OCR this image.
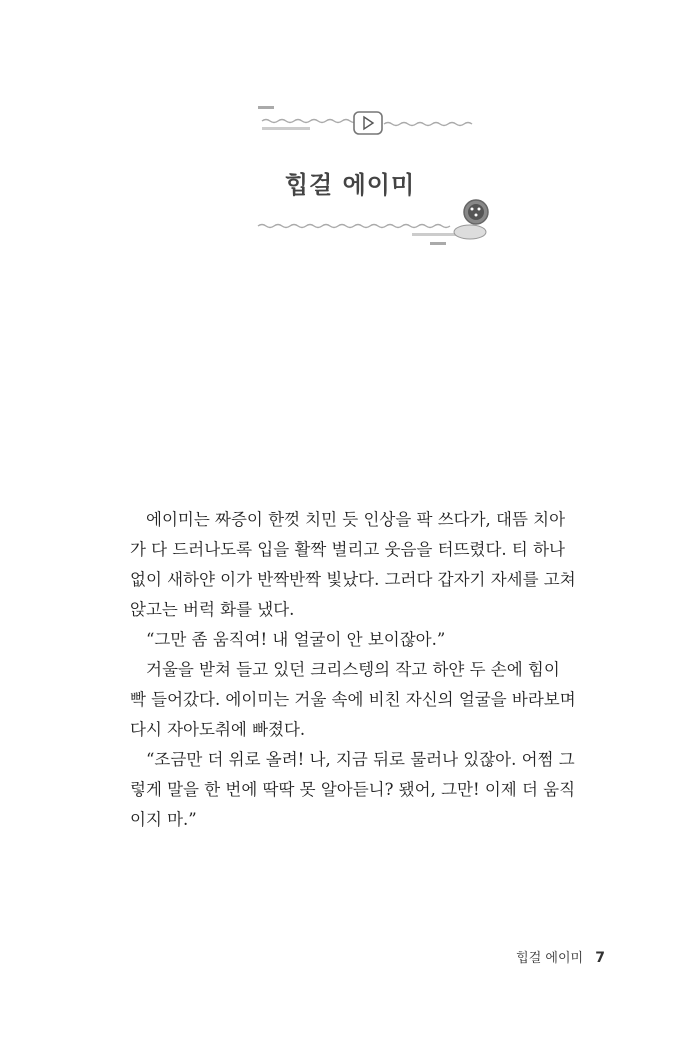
힙걸 에이미

에이미는 짜증이 한껏 치민 듯 인상을 팍 쓰다가, 대뜸 치아
가 다 드러나도록 입을 활짝 벌리고 웃음을 터뜨렸다. 티 하나
없이 새하얀 이가 반짝반짝 빛났다. 그러다 갑자기 자세를 고쳐
앉고는 버럭 화를 냈다.

“그만 좀 움직여! 내 얼굴이 안 보이잖아.”

거울을 받쳐 들고 있던 크리스텡의 작고 하얀 두 손에 힘이
빡 들어갔다. 에이미는 거울 속에 비친 자신의 얼굴을 바라보며
다시 자아도취에 빠졌다.

“조금만 더 위로 올려! 나, 지금 뒤로 물러나 있잖아. 어쩜 그
렇게 말을 한 번에 딱딱 못 알아듣니? 됐어, 그만! 이제 더 움직
이지 마.”

힙걸 에이미 7
